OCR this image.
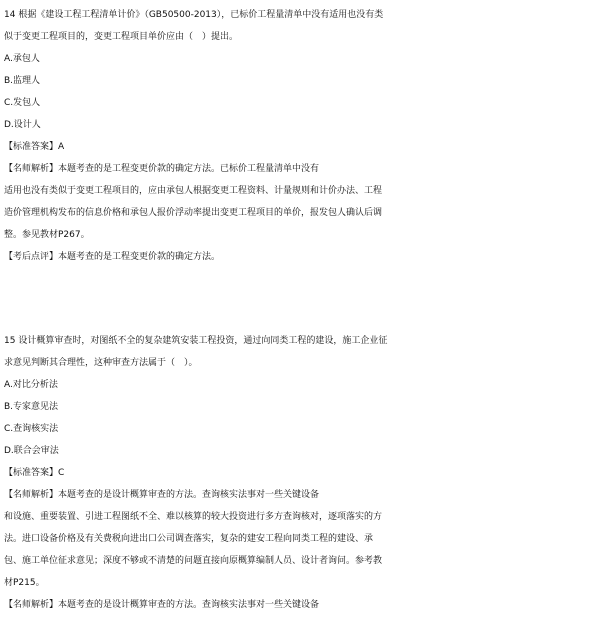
14 根据《建设工程工程清单计价》（GB50500-2013），已标价工程量清单中没有适用也没有类
似于变更工程项目的，变更工程项目单价应由（　）提出。
A.承包人
B.监理人
C.发包人
D.设计人
【标准答案】A
【名师解析】本题考查的是工程变更价款的确定方法。已标价工程量清单中没有
适用也没有类似于变更工程项目的，应由承包人根据变更工程资料、计量规则和计价办法、工程
造价管理机构发布的信息价格和承包人报价浮动率提出变更工程项目的单价，报发包人确认后调
整。参见教材P267。
【考后点评】本题考查的是工程变更价款的确定方法。
15 设计概算审查时，对图纸不全的复杂建筑安装工程投资，通过向同类工程的建设，施工企业征
求意见判断其合理性，这种审查方法属于（　）。
A.对比分析法
B.专家意见法
C.查询核实法
D.联合会审法
【标准答案】C
【名师解析】本题考查的是设计概算审查的方法。查询核实法事对一些关键设备
和设施、重要装置、引进工程图纸不全、难以核算的较大投资进行多方查询核对，逐项落实的方
法。进口设备价格及有关费税向进出口公司调查落实，复杂的建安工程向同类工程的建设、承
包、施工单位征求意见；深度不够或不清楚的问题直接向原概算编制人员、设计者询问。参考教
材P215。
【名师解析】本题考查的是设计概算审查的方法。查询核实法事对一些关键设备
